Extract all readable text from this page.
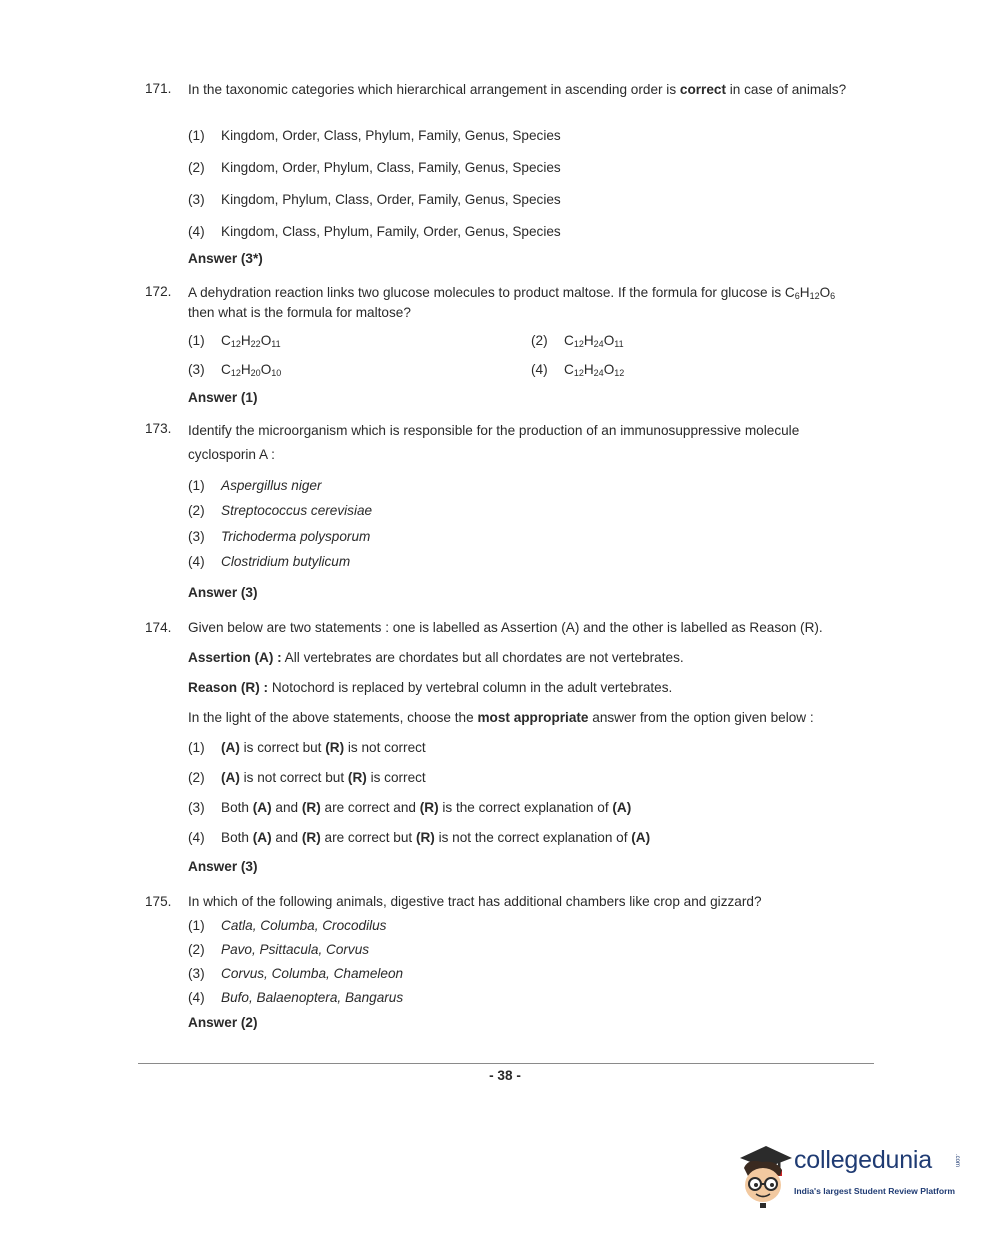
171. In the taxonomic categories which hierarchical arrangement in ascending order is correct in case of animals?
(1) Kingdom, Order, Class, Phylum, Family, Genus, Species
(2) Kingdom, Order, Phylum, Class, Family, Genus, Species
(3) Kingdom, Phylum, Class, Order, Family, Genus, Species
(4) Kingdom, Class, Phylum, Family, Order, Genus, Species
Answer (3*)
172. A dehydration reaction links two glucose molecules to product maltose. If the formula for glucose is $C_6H_{12}O_6$
then what is the formula for maltose?
(1) $C_{12}H_{22}O_{11}$	(2) $C_{12}H_{24}O_{11}$
(3) $C_{12}H_{20}O_{10}$	(4) $C_{12}H_{24}O_{12}$
Answer (1)
173. Identify the microorganism which is responsible for the production of an immunosuppressive molecule
cyclosporin A :
(1) Aspergillus niger
(2) Streptococcus cerevisiae
(3) Trichoderma polysporum
(4) Clostridium butylicum
Answer (3)
174. Given below are two statements : one is labelled as Assertion (A) and the other is labelled as Reason (R).
Assertion (A) : All vertebrates are chordates but all chordates are not vertebrates.
Reason (R) : Notochord is replaced by vertebral column in the adult vertebrates.
In the light of the above statements, choose the most appropriate answer from the option given below :
(1) (A) is correct but (R) is not correct
(2) (A) is not correct but (R) is correct
(3) Both (A) and (R) are correct and (R) is the correct explanation of (A)
(4) Both (A) and (R) are correct but (R) is not the correct explanation of (A)
Answer (3)
175. In which of the following animals, digestive tract has additional chambers like crop and gizzard?
(1) Catla, Columba, Crocodilus
(2) Pavo, Psittacula, Corvus
(3) Corvus, Columba, Chameleon
(4) Bufo, Balaenoptera, Bangarus
Answer (2)
- 38 -
collegedunia	.com
India's largest Student Review Platform
